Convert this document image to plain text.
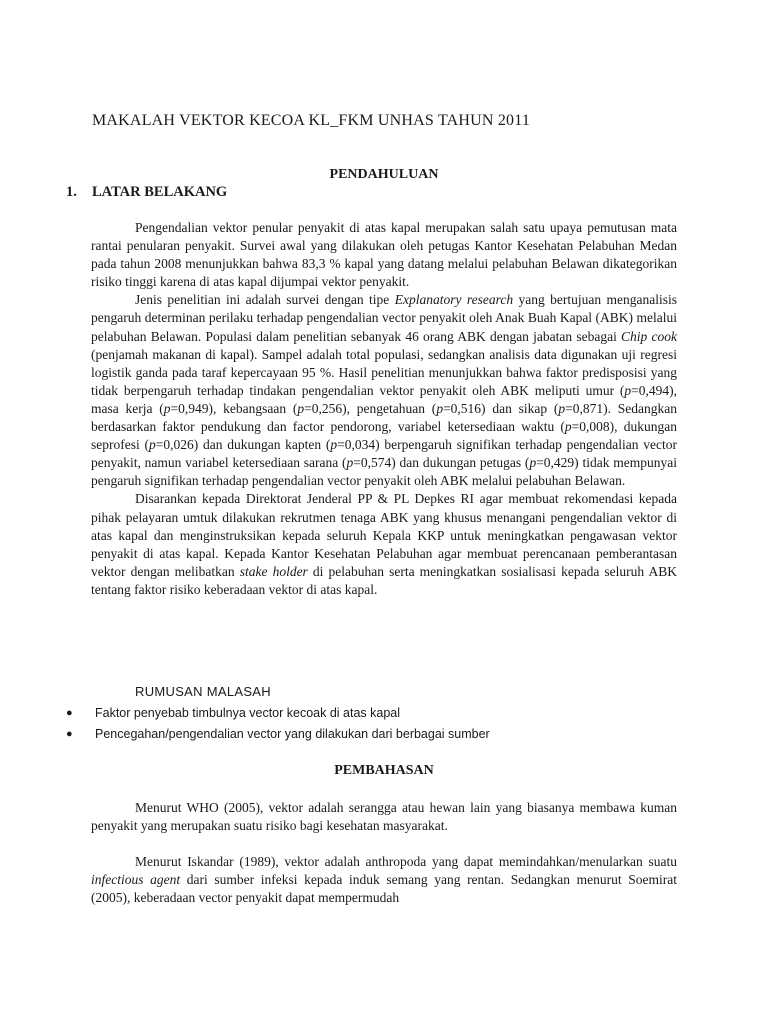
MAKALAH VEKTOR KECOA KL_FKM UNHAS TAHUN 2011
PENDAHULUAN
1. LATAR BELAKANG

Pengendalian vektor penular penyakit di atas kapal merupakan salah satu upaya pemutusan mata rantai penularan penyakit. Survei awal yang dilakukan oleh petugas Kantor Kesehatan Pelabuhan Medan pada tahun 2008 menunjukkan bahwa 83,3 % kapal yang datang melalui pelabuhan Belawan dikategorikan risiko tinggi karena di atas kapal dijumpai vektor penyakit.

Jenis penelitian ini adalah survei dengan tipe Explanatory research yang bertujuan menganalisis pengaruh determinan perilaku terhadap pengendalian vector penyakit oleh Anak Buah Kapal (ABK) melalui pelabuhan Belawan. Populasi dalam penelitian sebanyak 46 orang ABK dengan jabatan sebagai Chip cook (penjamah makanan di kapal). Sampel adalah total populasi, sedangkan analisis data digunakan uji regresi logistik ganda pada taraf kepercayaan 95 %. Hasil penelitian menunjukkan bahwa faktor predisposisi yang tidak berpengaruh terhadap tindakan pengendalian vektor penyakit oleh ABK meliputi umur (p=0,494), masa kerja (p=0,949), kebangsaan (p=0,256), pengetahuan (p=0,516) dan sikap (p=0,871). Sedangkan berdasarkan faktor pendukung dan factor pendorong, variabel ketersediaan waktu (p=0,008), dukungan seprofesi (p=0,026) dan dukungan kapten (p=0,034) berpengaruh signifikan terhadap pengendalian vector penyakit, namun variabel ketersediaan sarana (p=0,574) dan dukungan petugas (p=0,429) tidak mempunyai pengaruh signifikan terhadap pengendalian vector penyakit oleh ABK melalui pelabuhan Belawan.

Disarankan kepada Direktorat Jenderal PP & PL Depkes RI agar membuat rekomendasi kepada pihak pelayaran umtuk dilakukan rekrutmen tenaga ABK yang khusus menangani pengendalian vektor di atas kapal dan menginstruksikan kepada seluruh Kepala KKP untuk meningkatkan pengawasan vektor penyakit di atas kapal. Kepada Kantor Kesehatan Pelabuhan agar membuat perencanaan pemberantasan vektor dengan melibatkan stake holder di pelabuhan serta meningkatkan sosialisasi kepada seluruh ABK tentang faktor risiko keberadaan vektor di atas kapal.

RUMUSAN MALASAH
●	Faktor penyebab timbulnya vector kecoak di atas kapal
●	Pencegahan/pengendalian vector yang dilakukan dari berbagai sumber
PEMBAHASAN

Menurut WHO (2005), vektor adalah serangga atau hewan lain yang biasanya membawa kuman penyakit yang merupakan suatu risiko bagi kesehatan masyarakat.

Menurut Iskandar (1989), vektor adalah anthropoda yang dapat memindahkan/menularkan suatu infectious agent dari sumber infeksi kepada induk semang yang rentan. Sedangkan menurut Soemirat (2005), keberadaan vector penyakit dapat mempermudah
